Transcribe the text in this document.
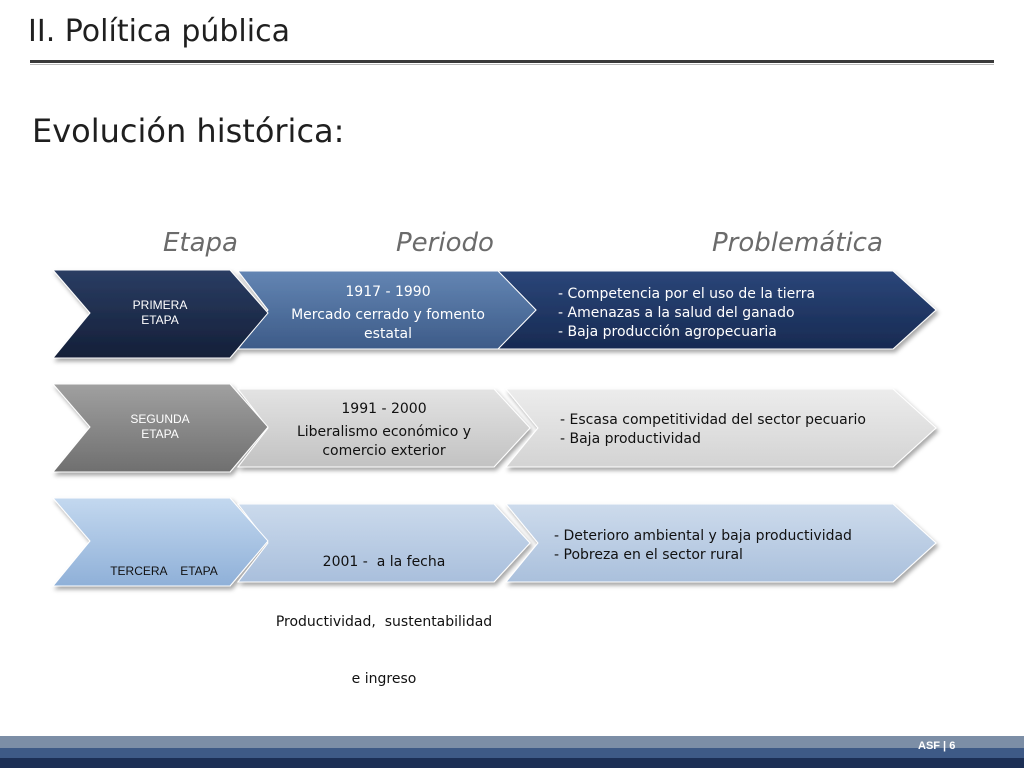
II. Política pública
Evolución histórica:
Etapa	Periodo	Problemática
PRIMERA
ETAPA
1917 - 1990
Mercado cerrado y fomento
estatal
- Competencia por el uso de la tierra
- Amenazas a la salud del ganado
- Baja producción agropecuaria
SEGUNDA
ETAPA
1991 - 2000
Liberalismo económico y
comercio exterior
- Escasa competitividad del sector pecuario
- Baja productividad

TERCERA    ETAPA

2001 -  a la fecha

Productividad,  sustentabilidad

e ingreso

- Deterioro ambiental y baja productividad
- Pobreza en el sector rural
ASF | 6
